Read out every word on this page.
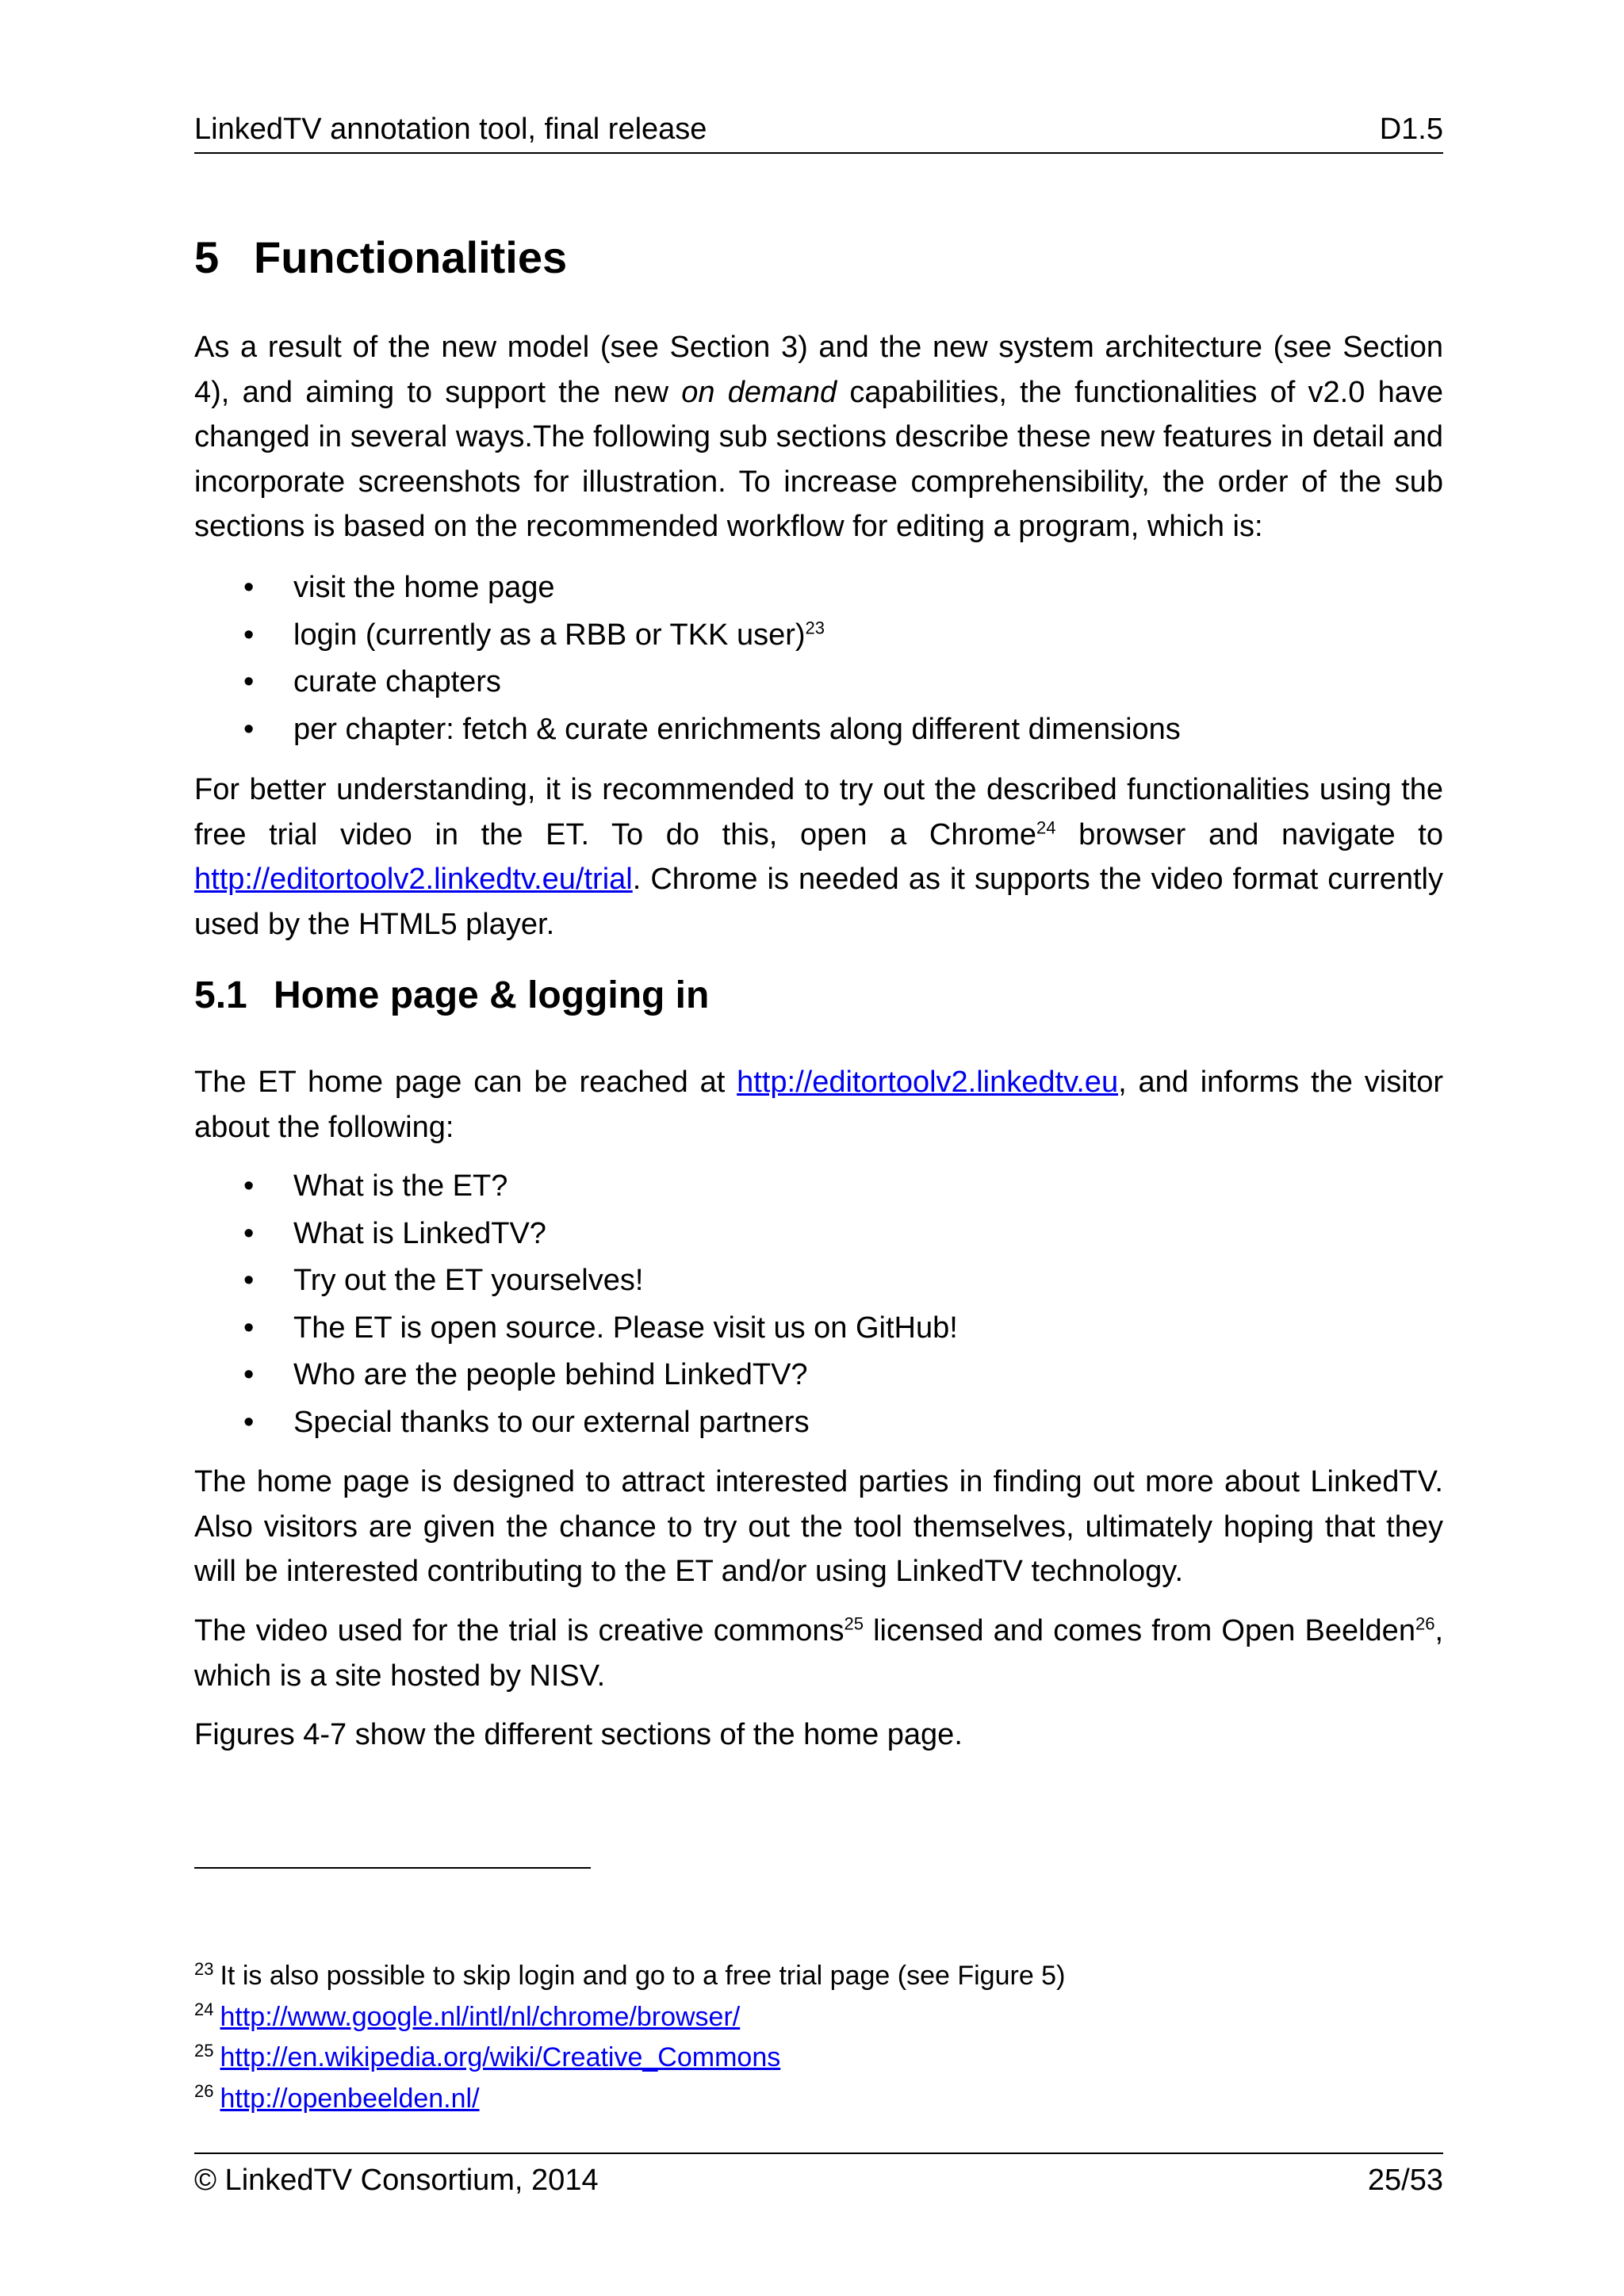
LinkedTV annotation tool, final release	D1.5
5 Functionalities

As a result of the new model (see Section 3) and the new system architecture (see Section 4), and aiming to support the new on demand capabilities, the functionalities of v2.0 have changed in several ways.The following sub sections describe these new features in detail and incorporate screenshots for illustration. To increase comprehensibility, the order of the sub sections is based on the recommended workflow for editing a program, which is:

• visit the home page
• login (currently as a RBB or TKK user)$^{23}$
• curate chapters
• per chapter: fetch & curate enrichments along different dimensions

For better understanding, it is recommended to try out the described functionalities using the free trial video in the ET. To do this, open a Chrome$^{24}$ browser and navigate to http://editortoolv2.linkedtv.eu/trial. Chrome is needed as it supports the video format currently used by the HTML5 player.

5.1 Home page & logging in

The ET home page can be reached at http://editortoolv2.linkedtv.eu, and informs the visitor about the following:

• What is the ET?
• What is LinkedTV?
• Try out the ET yourselves!
• The ET is open source. Please visit us on GitHub!
• Who are the people behind LinkedTV?
• Special thanks to our external partners

The home page is designed to attract interested parties in finding out more about LinkedTV. Also visitors are given the chance to try out the tool themselves, ultimately hoping that they will be interested contributing to the ET and/or using LinkedTV technology.

The video used for the trial is creative commons$^{25}$ licensed and comes from Open Beelden$^{26}$, which is a site hosted by NISV.

Figures 4-7 show the different sections of the home page.

$^{23}$ It is also possible to skip login and go to a free trial page (see Figure 5)
$^{24}$ http://www.google.nl/intl/nl/chrome/browser/
$^{25}$ http://en.wikipedia.org/wiki/Creative_Commons
$^{26}$ http://openbeelden.nl/
© LinkedTV Consortium, 2014	25/53
